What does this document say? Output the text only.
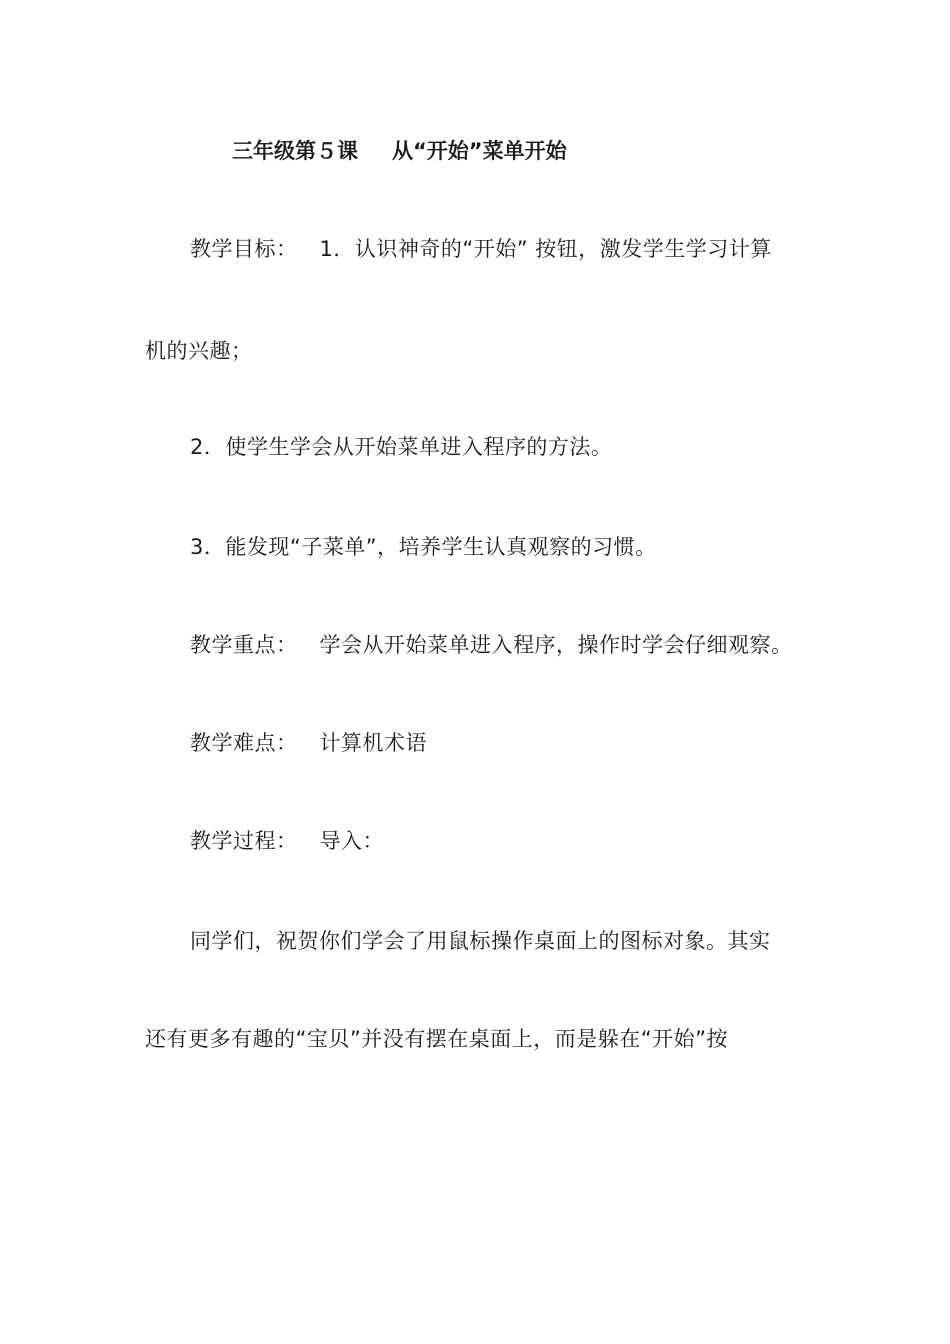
三年级第５课 从“开始”菜单开始
教学目标： 1．认识神奇的“开始” 按钮，激发学生学习计算
机的兴趣；
2．使学生学会从开始菜单进入程序的方法。
3．能发现“子菜单”，培养学生认真观察的习惯。
教学重点： 学会从开始菜单进入程序，操作时学会仔细观察。
教学难点： 计算机术语
教学过程： 导入：
同学们，祝贺你们学会了用鼠标操作桌面上的图标对象。其实
还有更多有趣的“宝贝”并没有摆在桌面上，而是躲在“开始”按
